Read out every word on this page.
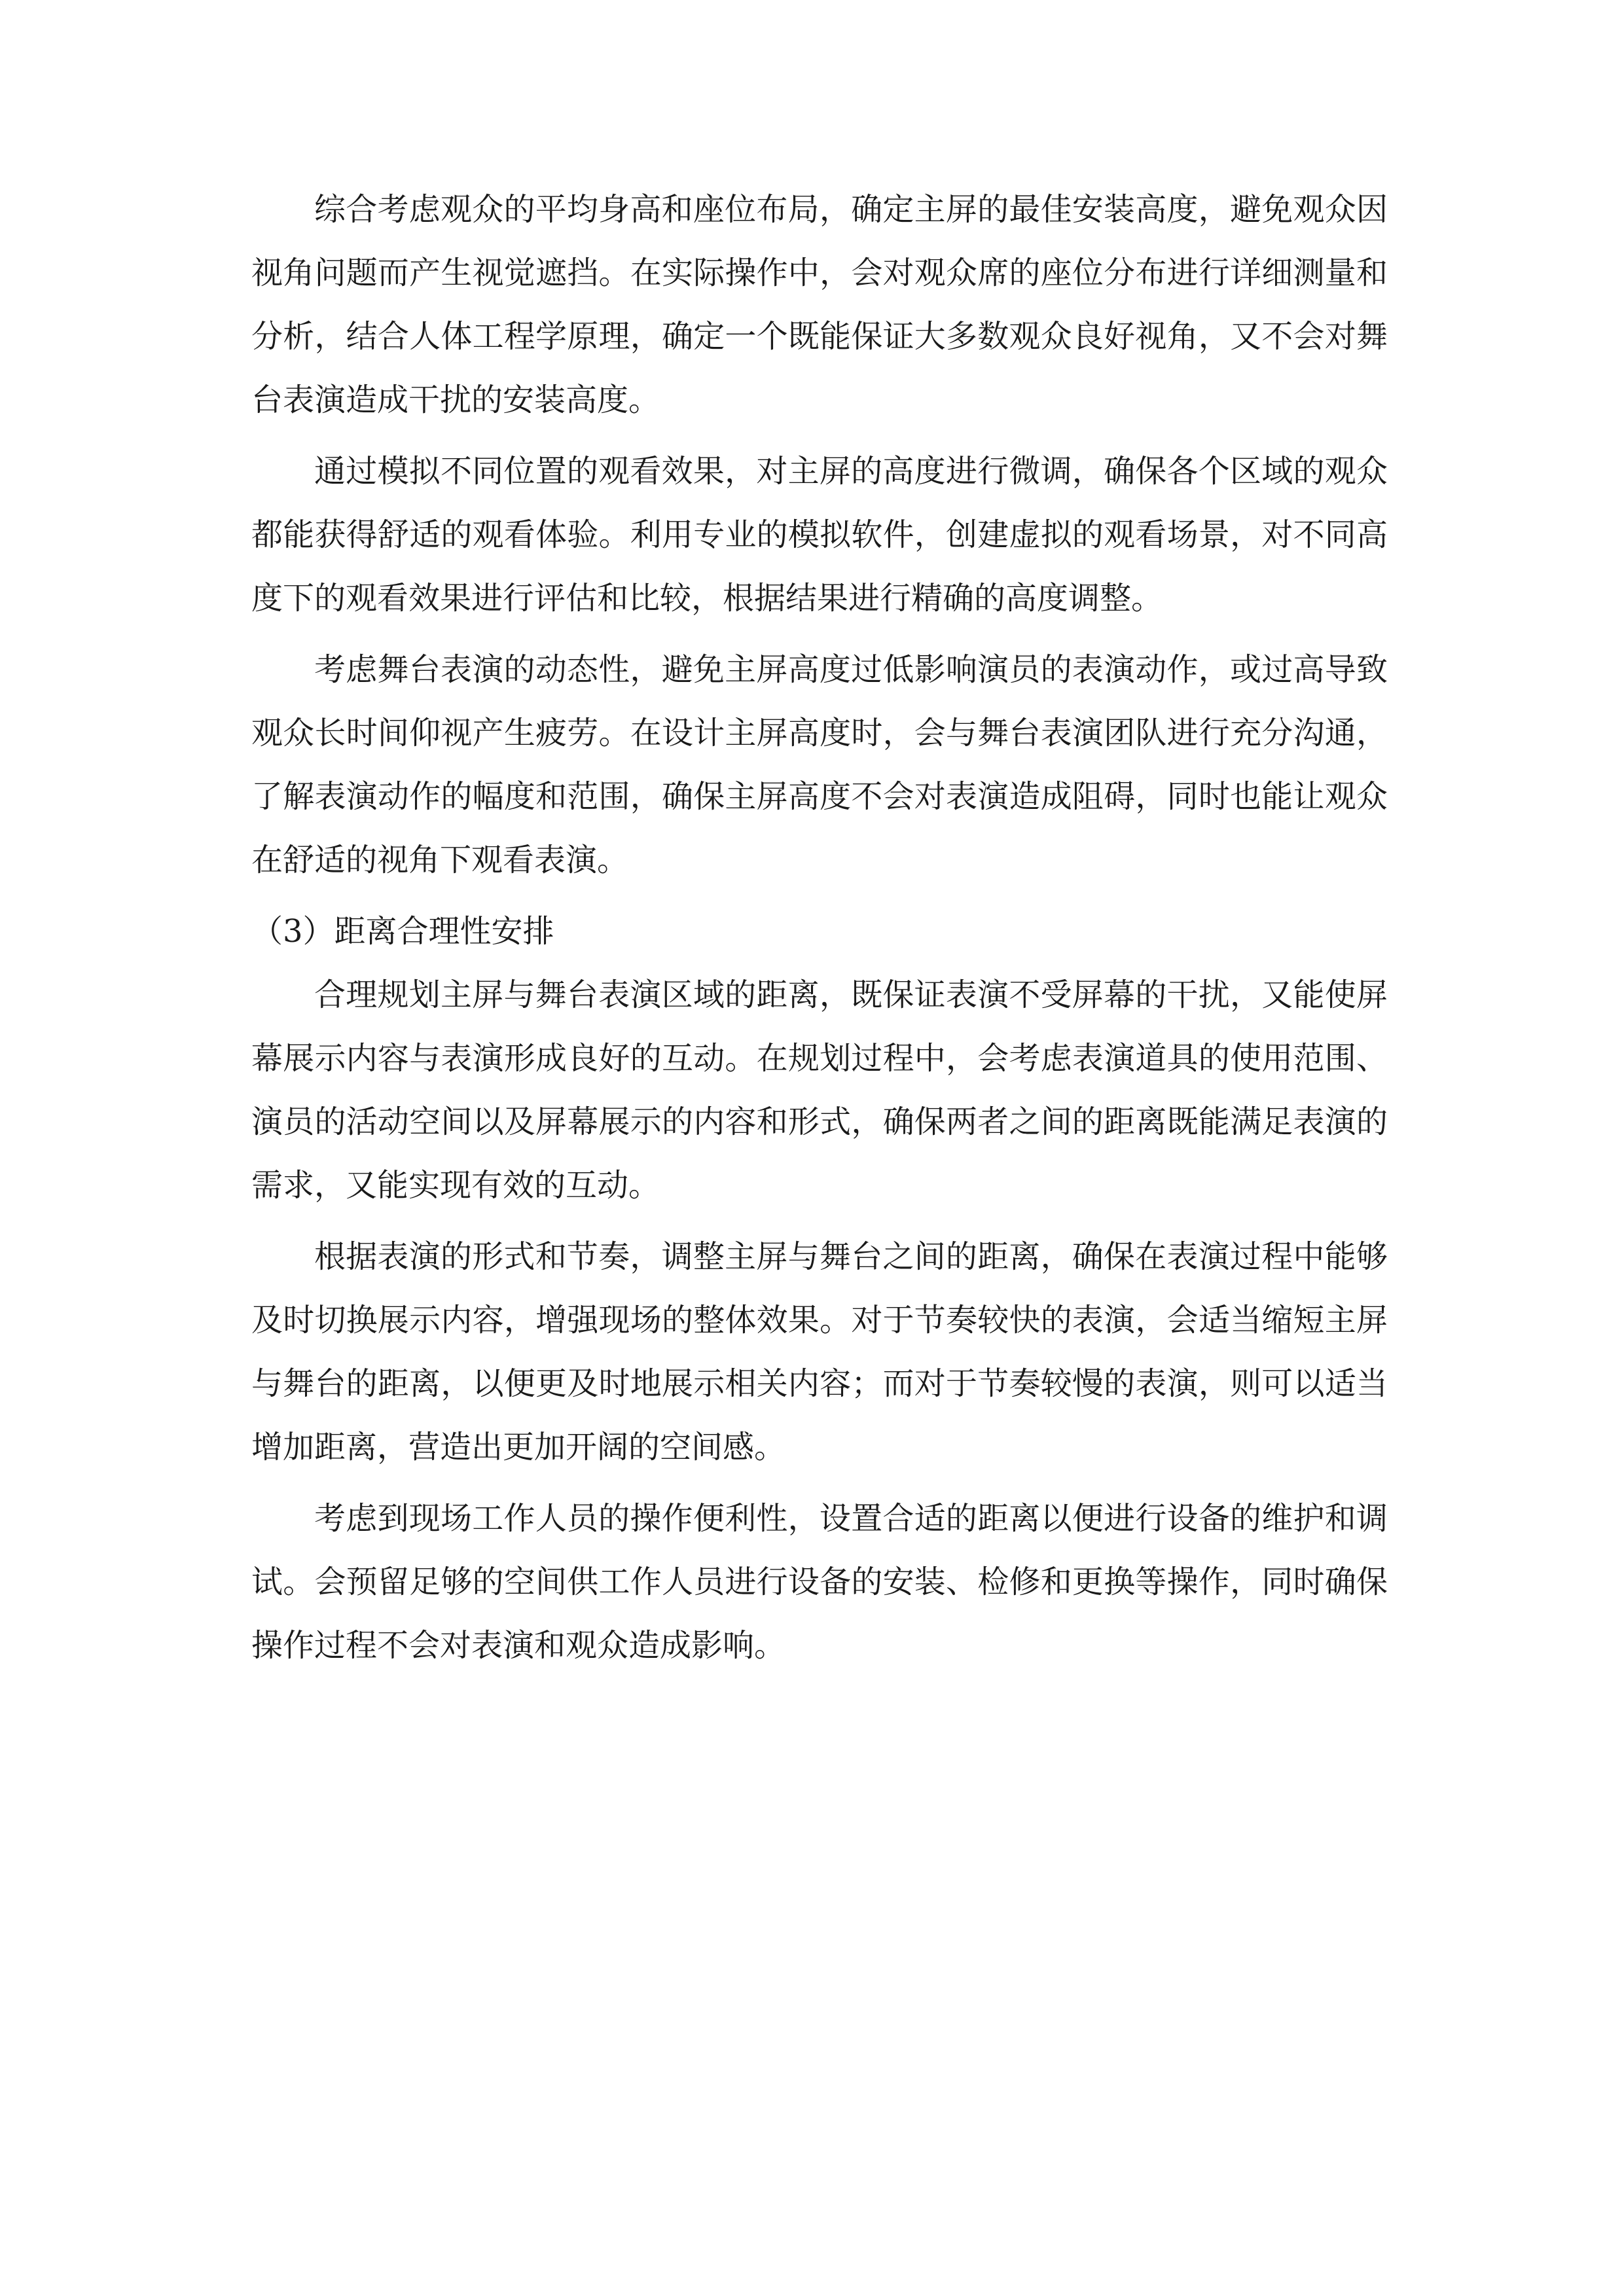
综合考虑观众的平均身高和座位布局，确定主屏的最佳安装高度，避免观众因视角问题而产生视觉遮挡。在实际操作中，会对观众席的座位分布进行详细测量和分析，结合人体工程学原理，确定一个既能保证大多数观众良好视角，又不会对舞台表演造成干扰的安装高度。

通过模拟不同位置的观看效果，对主屏的高度进行微调，确保各个区域的观众都能获得舒适的观看体验。利用专业的模拟软件，创建虚拟的观看场景，对不同高度下的观看效果进行评估和比较，根据结果进行精确的高度调整。

考虑舞台表演的动态性，避免主屏高度过低影响演员的表演动作，或过高导致观众长时间仰视产生疲劳。在设计主屏高度时，会与舞台表演团队进行充分沟通，了解表演动作的幅度和范围，确保主屏高度不会对表演造成阻碍，同时也能让观众在舒适的视角下观看表演。

（3）距离合理性安排

合理规划主屏与舞台表演区域的距离，既保证表演不受屏幕的干扰，又能使屏幕展示内容与表演形成良好的互动。在规划过程中，会考虑表演道具的使用范围、演员的活动空间以及屏幕展示的内容和形式，确保两者之间的距离既能满足表演的需求，又能实现有效的互动。

根据表演的形式和节奏，调整主屏与舞台之间的距离，确保在表演过程中能够及时切换展示内容，增强现场的整体效果。对于节奏较快的表演，会适当缩短主屏与舞台的距离，以便更及时地展示相关内容；而对于节奏较慢的表演，则可以适当增加距离，营造出更加开阔的空间感。

考虑到现场工作人员的操作便利性，设置合适的距离以便进行设备的维护和调试。会预留足够的空间供工作人员进行设备的安装、检修和更换等操作，同时确保操作过程不会对表演和观众造成影响。
